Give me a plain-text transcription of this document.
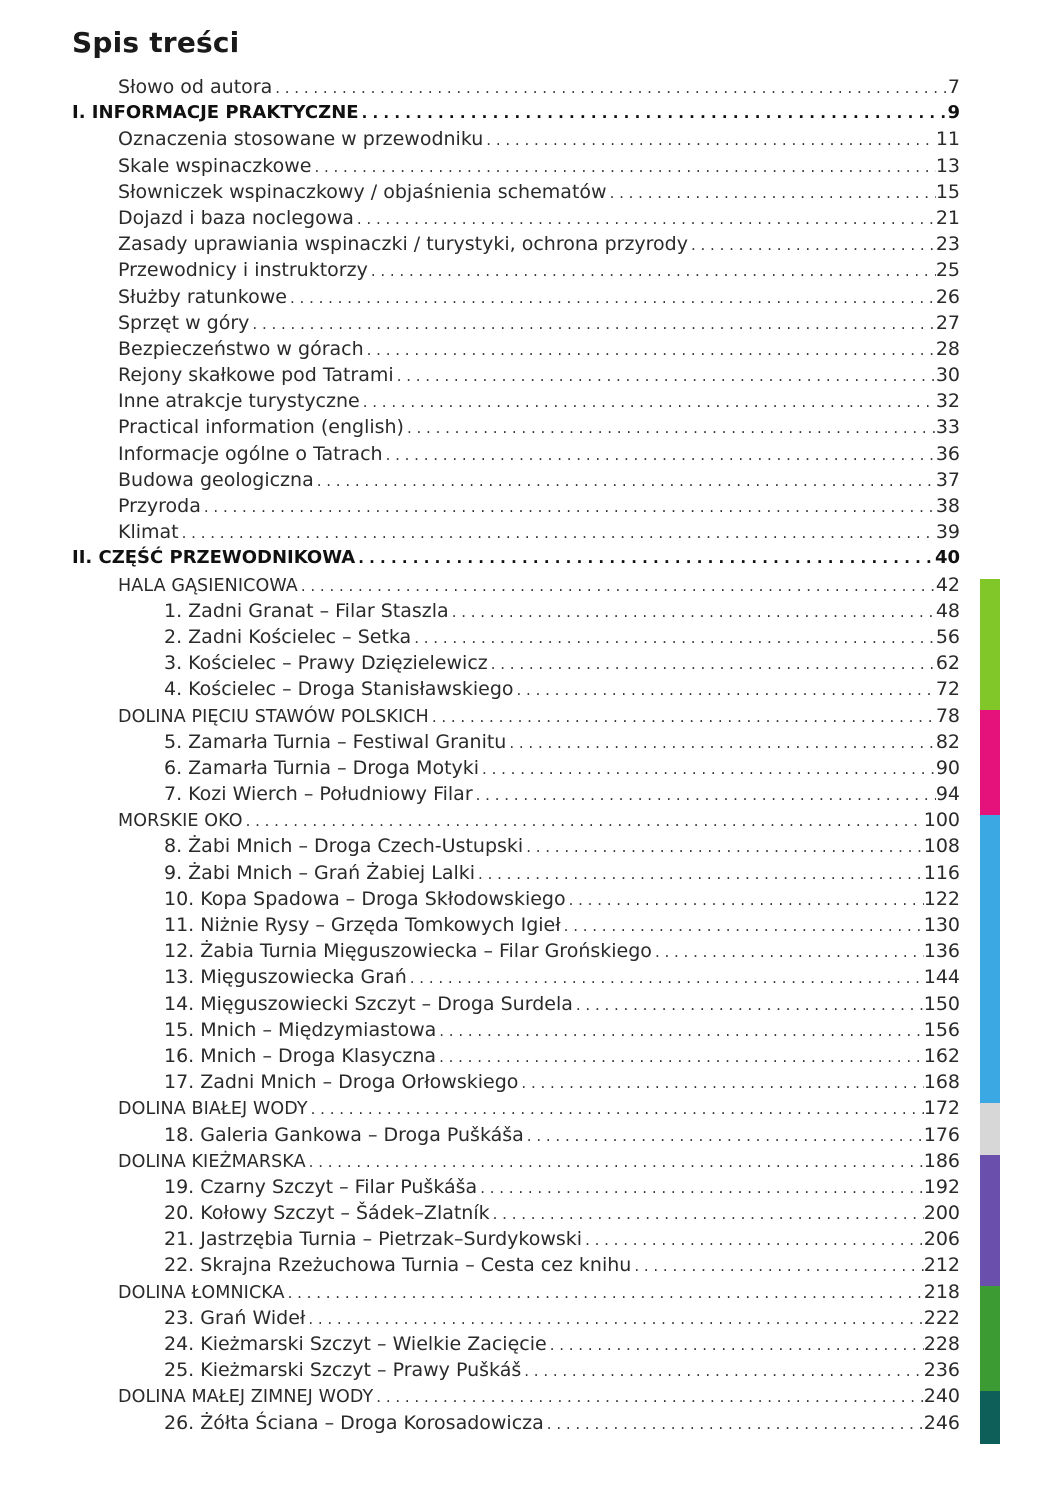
Spis treści
Słowo od autora . . .	7
I. INFORMACJE PRAKTYCZNE . . .	9
Oznaczenia stosowane w przewodniku . . .	11
Skale wspinaczkowe . . .	13
Słowniczek wspinaczkowy / objaśnienia schematów . . .	15
Dojazd i baza noclegowa . . .	21
Zasady uprawiania wspinaczki / turystyki, ochrona przyrody . . .	23
Przewodnicy i instruktorzy . . .	25
Służby ratunkowe . . .	26
Sprzęt w góry . . .	27
Bezpieczeństwo w górach . . .	28
Rejony skałkowe pod Tatrami . . .	30
Inne atrakcje turystyczne . . .	32
Practical information (english) . . .	33
Informacje ogólne o Tatrach . . .	36
Budowa geologiczna . . .	37
Przyroda . . .	38
Klimat . . .	39
II. CZĘŚĆ PRZEWODNIKOWA . . .	40
HALA GĄSIENICOWA . . .	42
1. Zadni Granat – Filar Staszla . . .	48
2. Zadni Kościelec – Setka . . .	56
3. Kościelec – Prawy Dzięzielewicz . . .	62
4. Kościelec – Droga Stanisławskiego . . .	72
DOLINA PIĘCIU STAWÓW POLSKICH . . .	78
5. Zamarła Turnia – Festiwal Granitu . . .	82
6. Zamarła Turnia – Droga Motyki . . .	90
7. Kozi Wierch – Południowy Filar . . .	94
MORSKIE OKO . . .	100
8. Żabi Mnich – Droga Czech-Ustupski . . .	108
9. Żabi Mnich – Grań Żabiej Lalki . . .	116
10. Kopa Spadowa – Droga Skłodowskiego . . .	122
11. Niżnie Rysy – Grzęda Tomkowych Igieł . . .	130
12. Żabia Turnia Mięguszowiecka – Filar Grońskiego . . .	136
13. Mięguszowiecka Grań . . .	144
14. Mięguszowiecki Szczyt – Droga Surdela . . .	150
15. Mnich – Międzymiastowa . . .	156
16. Mnich – Droga Klasyczna . . .	162
17. Zadni Mnich – Droga Orłowskiego . . .	168
DOLINA BIAŁEJ WODY . . .	172
18. Galeria Gankowa – Droga Puškáša . . .	176
DOLINA KIEŻMARSKA . . .	186
19. Czarny Szczyt – Filar Puškáša . . .	192
20. Kołowy Szczyt – Šádek–Zlatník . . .	200
21. Jastrzębia Turnia – Pietrzak–Surdykowski . . .	206
22. Skrajna Rzeżuchowa Turnia – Cesta cez knihu . . .	212
DOLINA ŁOMNICKA . . .	218
23. Grań Wideł . . .	222
24. Kieżmarski Szczyt – Wielkie Zacięcie . . .	228
25. Kieżmarski Szczyt – Prawy Puškáš . . .	236
DOLINA MAŁEJ ZIMNEJ WODY . . .	240
26. Żółta Ściana – Droga Korosadowicza . . .	246
